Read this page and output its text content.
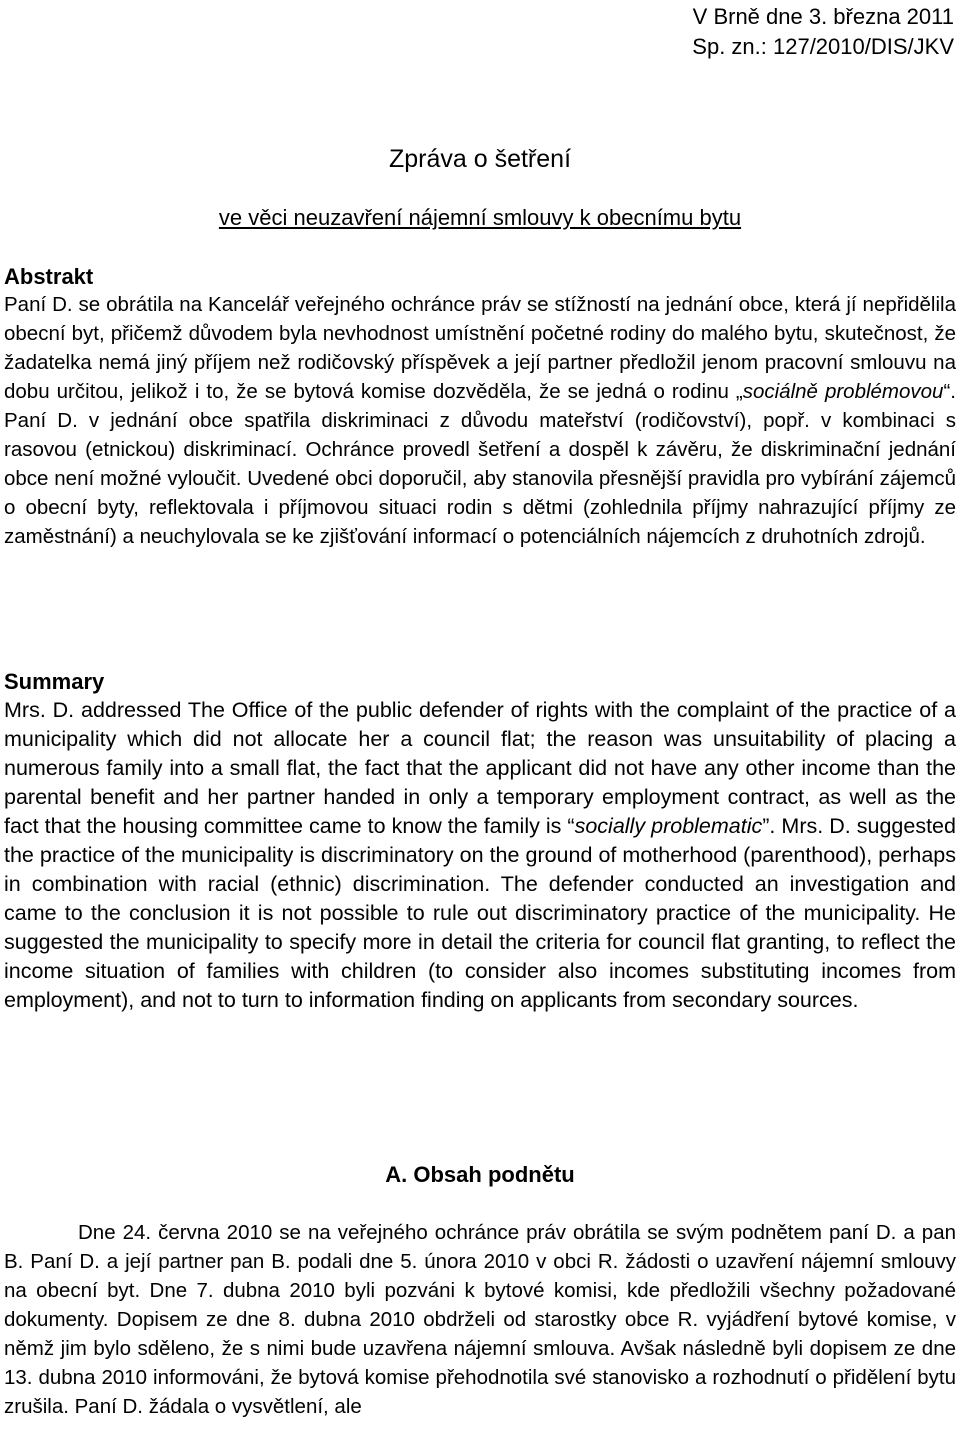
V Brně dne 3. března 2011
Sp. zn.: 127/2010/DIS/JKV
Zpráva o šetření
ve věci neuzavření nájemní smlouvy k obecnímu bytu
Abstrakt

Paní D. se obrátila na Kancelář veřejného ochránce práv se stížností na jednání obce, která jí nepřidělila obecní byt, přičemž důvodem byla nevhodnost umístnění početné rodiny do malého bytu, skutečnost, že žadatelka nemá jiný příjem než rodičovský příspěvek a její partner předložil jenom pracovní smlouvu na dobu určitou, jelikož i to, že se bytová komise dozvěděla, že se jedná o rodinu „sociálně problémovou“. Paní D. v jednání obce spatřila diskriminaci z důvodu mateřství (rodičovství), popř. v kombinaci s rasovou (etnickou) diskriminací. Ochránce provedl šetření a dospěl k závěru, že diskriminační jednání obce není možné vyloučit. Uvedené obci doporučil, aby stanovila přesnější pravidla pro vybírání zájemců o obecní byty, reflektovala i příjmovou situaci rodin s dětmi (zohlednila příjmy nahrazující příjmy ze zaměstnání) a neuchylovala se ke zjišťování informací o potenciálních nájemcích z druhotních zdrojů.

Summary

Mrs. D. addressed The Office of the public defender of rights with the complaint of the practice of a municipality which did not allocate her a council flat; the reason was unsuitability of placing a numerous family into a small flat, the fact that the applicant did not have any other income than the parental benefit and her partner handed in only a temporary employment contract, as well as the fact that the housing committee came to know the family is “socially problematic”. Mrs. D. suggested the practice of the municipality is discriminatory on the ground of motherhood (parenthood), perhaps in combination with racial (ethnic) discrimination. The defender conducted an investigation and came to the conclusion it is not possible to rule out discriminatory practice of the municipality. He suggested the municipality to specify more in detail the criteria for council flat granting, to reflect the income situation of families with children (to consider also incomes substituting incomes from employment), and not to turn to information finding on applicants from secondary sources.

A. Obsah podnětu

Dne 24. června 2010 se na veřejného ochránce práv obrátila se svým podnětem paní D. a pan B. Paní D. a její partner pan B. podali dne 5. února 2010 v obci R. žádosti o uzavření nájemní smlouvy na obecní byt. Dne 7. dubna 2010 byli pozváni k bytové komisi, kde předložili všechny požadované dokumenty. Dopisem ze dne 8. dubna 2010 obdrželi od starostky obce R. vyjádření bytové komise, v němž jim bylo sděleno, že s nimi bude uzavřena nájemní smlouva. Avšak následně byli dopisem ze dne 13. dubna 2010 informováni, že bytová komise přehodnotila své stanovisko a rozhodnutí o přidělení bytu zrušila. Paní D. žádala o vysvětlení, ale
